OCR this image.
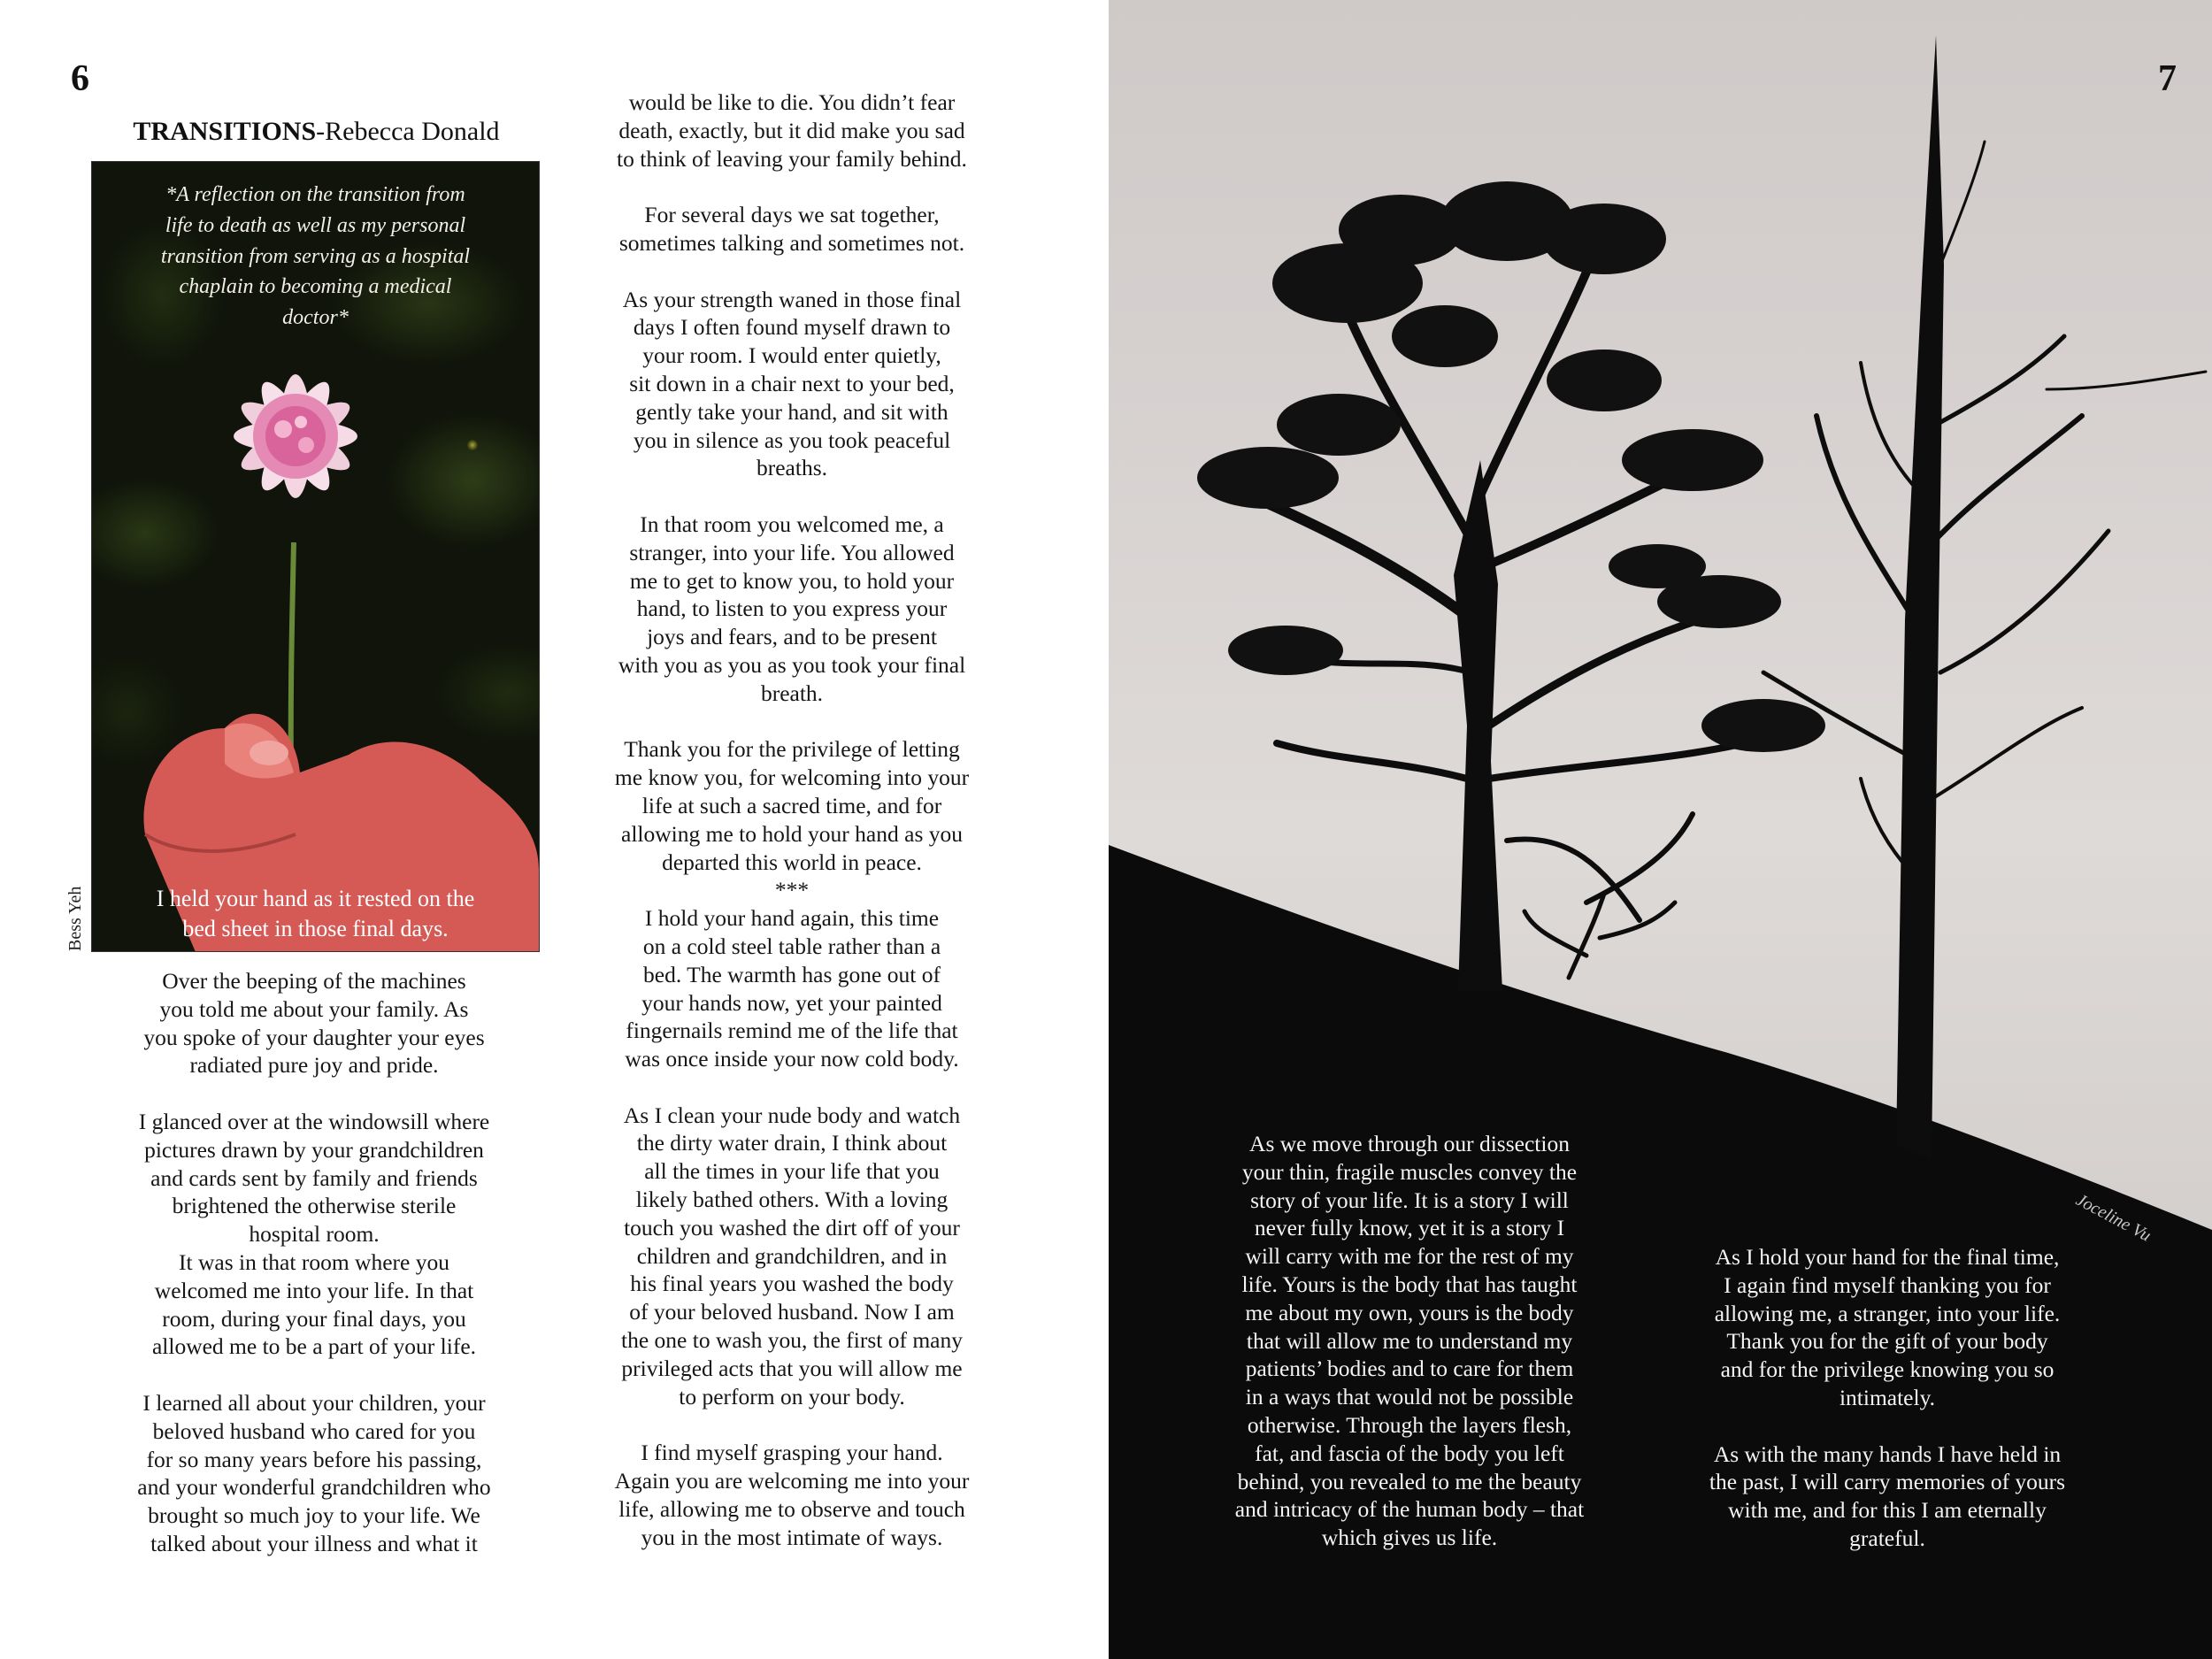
6
TRANSITIONS-Rebecca Donald
*A reflection on the transition from
life to death as well as my personal
transition from serving as a hospital
chaplain to becoming a medical
doctor*
I held your hand as it rested on the
bed sheet in those final days.
Bess Yeh

Over the beeping of the machines
you told me about your family. As
you spoke of your daughter your eyes
radiated pure joy and pride.

I glanced over at the windowsill where
pictures drawn by your grandchildren
and cards sent by family and friends
brightened the otherwise sterile
hospital room.
It was in that room where you
welcomed me into your life. In that
room, during your final days, you
allowed me to be a part of your life.

I learned all about your children, your
beloved husband who cared for you
for so many years before his passing,
and your wonderful grandchildren who
brought so much joy to your life. We
talked about your illness and what it

would be like to die. You didn’t fear
death, exactly, but it did make you sad
to think of leaving your family behind.

For several days we sat together,
sometimes talking and sometimes not.

As your strength waned in those final
days I often found myself drawn to
your room. I would enter quietly,
sit down in a chair next to your bed,
gently take your hand, and sit with
you in silence as you took peaceful
breaths.

In that room you welcomed me, a
stranger, into your life. You allowed
me to get to know you, to hold your
hand, to listen to you express your
joys and fears, and to be present
with you as you as you took your final
breath.

Thank you for the privilege of letting
me know you, for welcoming into your
life at such a sacred time, and for
allowing me to hold your hand as you
departed this world in peace.
***

I hold your hand again, this time
on a cold steel table rather than a
bed. The warmth has gone out of
your hands now, yet your painted
fingernails remind me of the life that
was once inside your now cold body.

As I clean your nude body and watch
the dirty water drain, I think about
all the times in your life that you
likely bathed others. With a loving
touch you washed the dirt off of your
children and grandchildren, and in
his final years you washed the body
of your beloved husband. Now I am
the one to wash you, the first of many
privileged acts that you will allow me
to perform on your body.

I find myself grasping your hand.
Again you are welcoming me into your
life, allowing me to observe and touch
you in the most intimate of ways.

7
Joceline Vu

As we move through our dissection
your thin, fragile muscles convey the
story of your life. It is a story I will
never fully know, yet it is a story I
will carry with me for the rest of my
life. Yours is the body that has taught
me about my own, yours is the body
that will allow me to understand my
patients’ bodies and to care for them
in a ways that would not be possible
otherwise. Through the layers flesh,
fat, and fascia of the body you left
behind, you revealed to me the beauty
and intricacy of the human body – that
which gives us life.

As I hold your hand for the final time,
I again find myself thanking you for
allowing me, a stranger, into your life.
Thank you for the gift of your body
and for the privilege knowing you so
intimately.

As with the many hands I have held in
the past, I will carry memories of yours
with me, and for this I am eternally
grateful.
